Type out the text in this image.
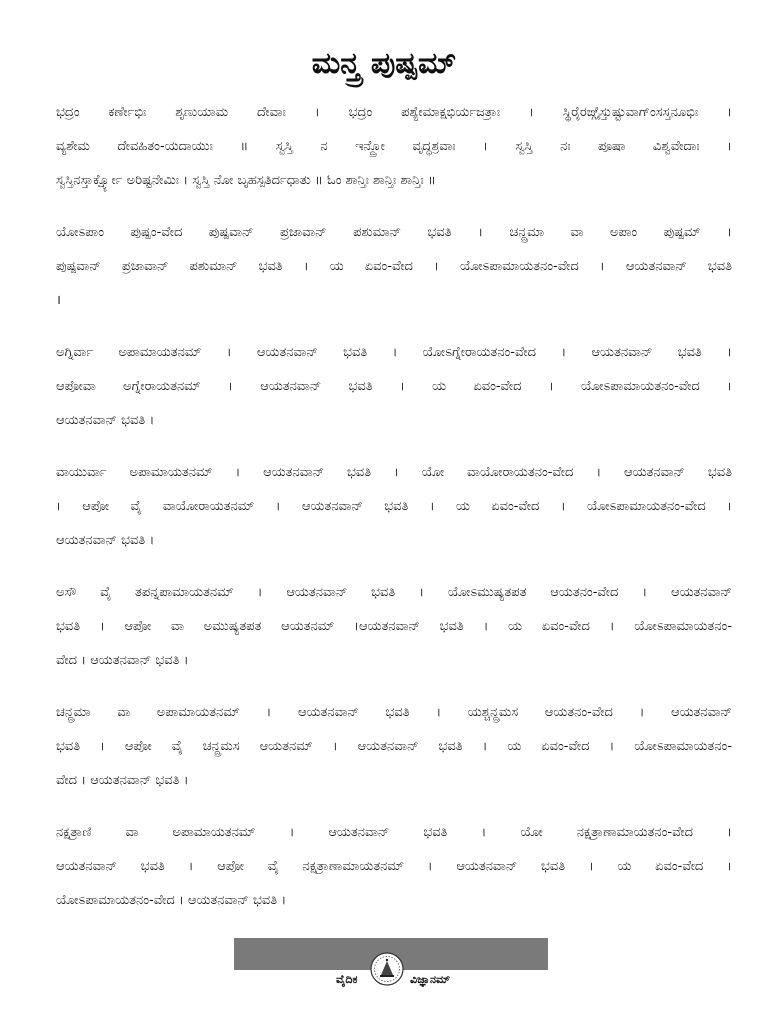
ಮನ್ತ್ರ ಪುಷ್ಪಮ್
ಭದ್ರಂ ಕರ್ಣೇಭಿಃ ಶೃಣುಯಾಮ ದೇವಾಃ । ಭದ್ರಂ ಪಶ್ಯೇಮಾಕ್ಷಭಿರ್ಯಜತ್ರಾಃ । ಸ್ಥಿರೈರಙ್ಗೈಸ್ತುಷ್ಟುವಾಗ್ಂಸಸ್ತನೂಭಿಃ ।
ವ್ಯಶೇಮ ದೇವಹಿತಂ-ಯದಾಯುಃ ॥ ಸ್ವಸ್ತಿ ನ ಇನ್ದ್ರೋ ವೃದ್ಧಶ್ರವಾಃ । ಸ್ವಸ್ತಿ ನಃ ಪೂಷಾ ವಿಶ್ವವೇದಾಃ ।
ಸ್ವಸ್ತಿನಸ್ತಾರ್ಕ್ಷ್ಯೋ ಅರಿಷ್ಟನೇಮಿಃ । ಸ್ವಸ್ತಿ ನೋ ಬೃಹಸ್ಪತಿರ್ದಧಾತು ॥ ಓಂ ಶಾನ್ತಿಃ ಶಾನ್ತಿಃ ಶಾನ್ತಿಃ ॥
ಯೋಽಪಾಂ ಪುಷ್ಪಂ-ವೇದ ಪುಷ್ಪವಾನ್ ಪ್ರಜಾವಾನ್ ಪಶುಮಾನ್ ಭವತಿ । ಚನ್ದ್ರಮಾ ವಾ ಅಪಾಂ ಪುಷ್ಪಮ್ ।
ಪುಷ್ಪವಾನ್ ಪ್ರಜಾವಾನ್ ಪಶುಮಾನ್ ಭವತಿ । ಯ ಏವಂ-ವೇದ । ಯೋಽಪಾಮಾಯತನಂ-ವೇದ । ಆಯತನವಾನ್ ಭವತಿ
।
ಅಗ್ನಿರ್ವಾ ಅಪಾಮಾಯತನಮ್ । ಆಯತನವಾನ್ ಭವತಿ । ಯೋಽಗ್ನೇರಾಯತನಂ-ವೇದ । ಆಯತನವಾನ್ ಭವತಿ ।
ಆಪೋವಾ ಅಗ್ನೇರಾಯತನಮ್ । ಆಯತನವಾನ್ ಭವತಿ । ಯ ಏವಂ-ವೇದ । ಯೋಽಪಾಮಾಯತನಂ-ವೇದ ।
ಆಯತನವಾನ್ ಭವತಿ ।
ವಾಯುರ್ವಾ ಅಪಾಮಾಯತನಮ್ । ಆಯತನವಾನ್ ಭವತಿ । ಯೋ ವಾಯೋರಾಯತನಂ-ವೇದ । ಆಯತನವಾನ್ ಭವತಿ
। ಆಪೋ ವೈ ವಾಯೋರಾಯತನಮ್ । ಆಯತನವಾನ್ ಭವತಿ । ಯ ಏವಂ-ವೇದ । ಯೋಽಪಾಮಾಯತನಂ-ವೇದ ।
ಆಯತನವಾನ್ ಭವತಿ ।
ಅಸೌ ವೈ ತಪನ್ನಪಾಮಾಯತನಮ್ । ಆಯತನವಾನ್ ಭವತಿ । ಯೋಽಮುಷ್ಯತಪತ ಆಯತನಂ-ವೇದ । ಆಯತನವಾನ್
ಭವತಿ । ಆಪೋ ವಾ ಅಮುಷ್ಯತಪತ ಆಯತನಮ್ ।ಆಯತನವಾನ್ ಭವತಿ । ಯ ಏವಂ-ವೇದ । ಯೋಽಪಾಮಾಯತನಂ-
ವೇದ । ಆಯತನವಾನ್ ಭವತಿ ।
ಚನ್ದ್ರಮಾ ವಾ ಅಪಾಮಾಯತನಮ್ । ಆಯತನವಾನ್ ಭವತಿ । ಯಶ್ಚನ್ದ್ರಮಸ ಆಯತನಂ-ವೇದ । ಆಯತನವಾನ್
ಭವತಿ । ಆಪೋ ವೈ ಚನ್ದ್ರಮಸ ಆಯತನಮ್ । ಆಯತನವಾನ್ ಭವತಿ । ಯ ಏವಂ-ವೇದ । ಯೋಽಪಾಮಾಯತನಂ-
ವೇದ । ಆಯತನವಾನ್ ಭವತಿ ।
ನಕ್ಷತ್ರಾಣಿ ವಾ ಅಪಾಮಾಯತನಮ್ । ಆಯತನವಾನ್ ಭವತಿ । ಯೋ ನಕ್ಷತ್ರಾಣಾಮಾಯತನಂ-ವೇದ ।
ಆಯತನವಾನ್ ಭವತಿ । ಆಪೋ ವೈ ನಕ್ಷತ್ರಾಣಾಮಾಯತನಮ್ । ಆಯತನವಾನ್ ಭವತಿ । ಯ ಏವಂ-ವೇದ ।
ಯೋಽಪಾಮಾಯತನಂ-ವೇದ । ಆಯತನವಾನ್ ಭವತಿ ।
ವೈದಿಕ	ವಿಜ್ಞಾನಮ್
